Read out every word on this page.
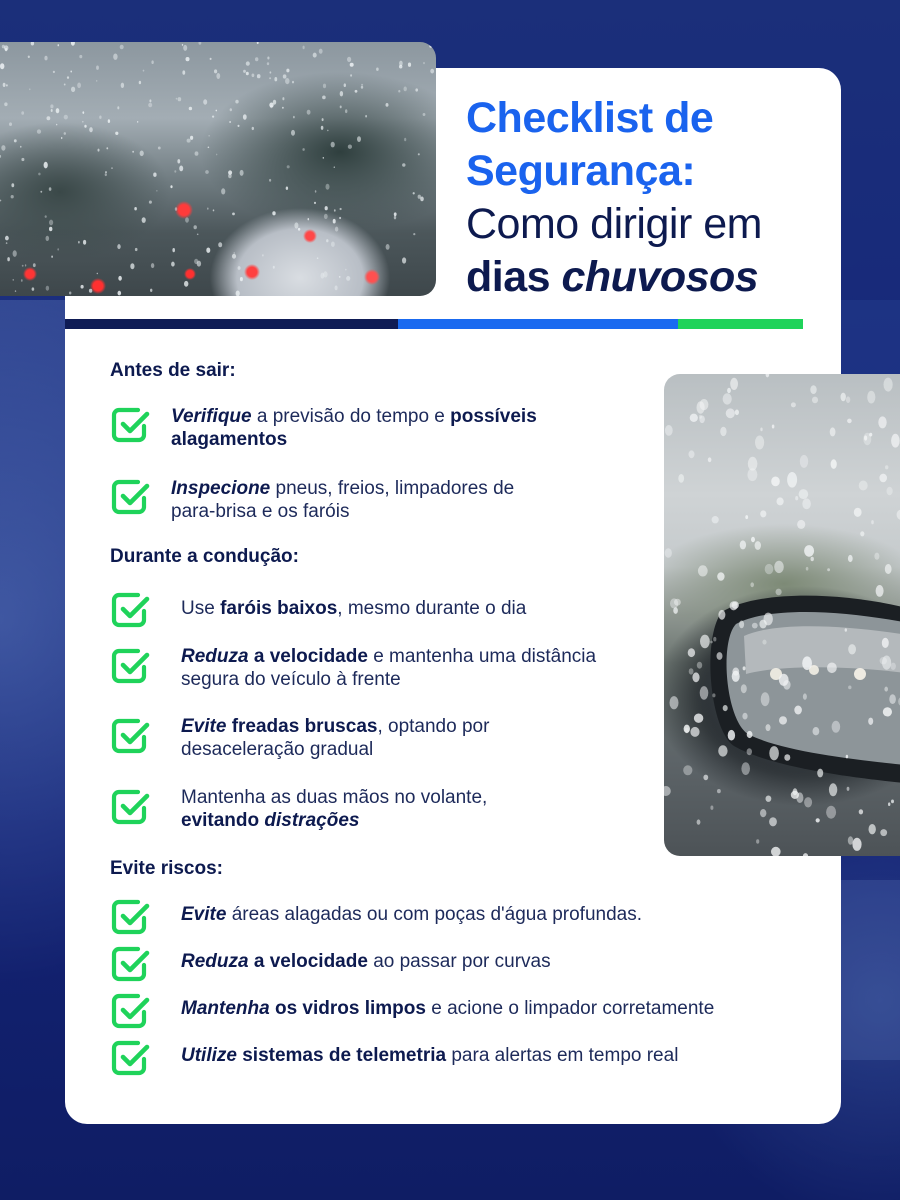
Checklist de
Segurança:
Como dirigir em
dias chuvosos
Antes de sair:
Durante a condução:
Evite riscos:
Verifique a previsão do tempo e possíveis
alagamentos
Inspecione pneus, freios, limpadores de
para-brisa e os faróis
Use faróis baixos, mesmo durante o dia
Reduza a velocidade e mantenha uma distância
segura do veículo à frente
Evite freadas bruscas, optando por
desaceleração gradual
Mantenha as duas mãos no volante,
evitando distrações
Evite áreas alagadas ou com poças d'água profundas.
Reduza a velocidade ao passar por curvas
Mantenha os vidros limpos e acione o limpador corretamente
Utilize sistemas de telemetria para alertas em tempo real
